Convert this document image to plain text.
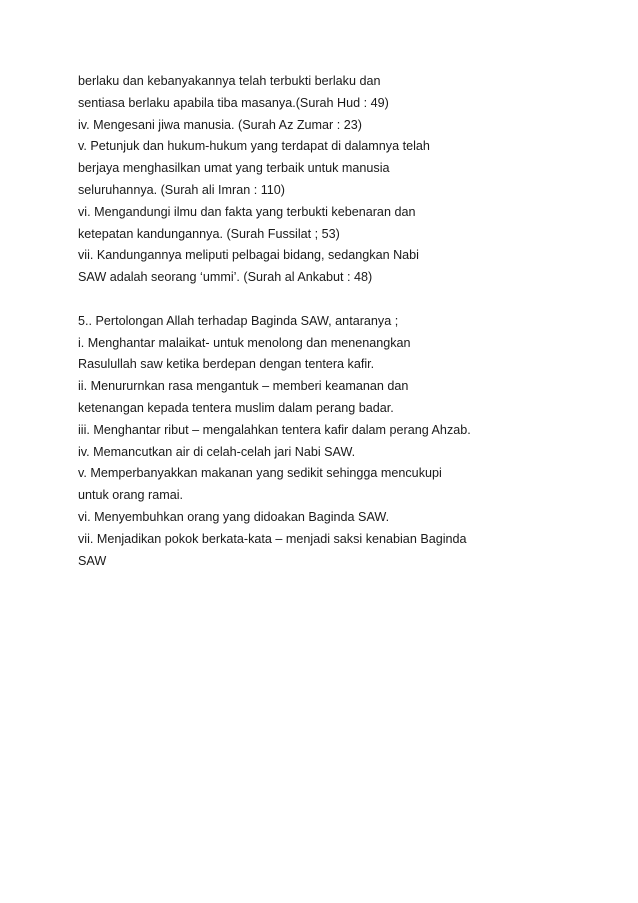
berlaku dan kebanyakannya telah terbukti berlaku dan
sentiasa berlaku apabila tiba masanya.(Surah Hud : 49)
iv. Mengesani jiwa manusia. (Surah Az Zumar : 23)
v. Petunjuk dan hukum-hukum yang terdapat di dalamnya telah
berjaya menghasilkan umat yang terbaik untuk manusia
seluruhannya. (Surah ali Imran : 110)
vi. Mengandungi ilmu dan fakta yang terbukti kebenaran dan
ketepatan kandungannya. (Surah Fussilat ; 53)
vii. Kandungannya meliputi pelbagai bidang, sedangkan Nabi
SAW adalah seorang ‘ummi’. (Surah al Ankabut : 48)
5.. Pertolongan Allah terhadap Baginda SAW, antaranya ;
i. Menghantar malaikat- untuk menolong dan menenangkan
Rasulullah saw ketika berdepan dengan tentera kafir.
ii. Menururnkan rasa mengantuk – memberi keamanan dan
ketenangan kepada tentera muslim dalam perang badar.
iii. Menghantar ribut – mengalahkan tentera kafir dalam perang Ahzab.
iv. Memancutkan air di celah-celah jari Nabi SAW.
v. Memperbanyakkan makanan yang sedikit sehingga mencukupi
untuk orang ramai.
vi. Menyembuhkan orang yang didoakan Baginda SAW.
vii. Menjadikan pokok berkata-kata – menjadi saksi kenabian Baginda
SAW
